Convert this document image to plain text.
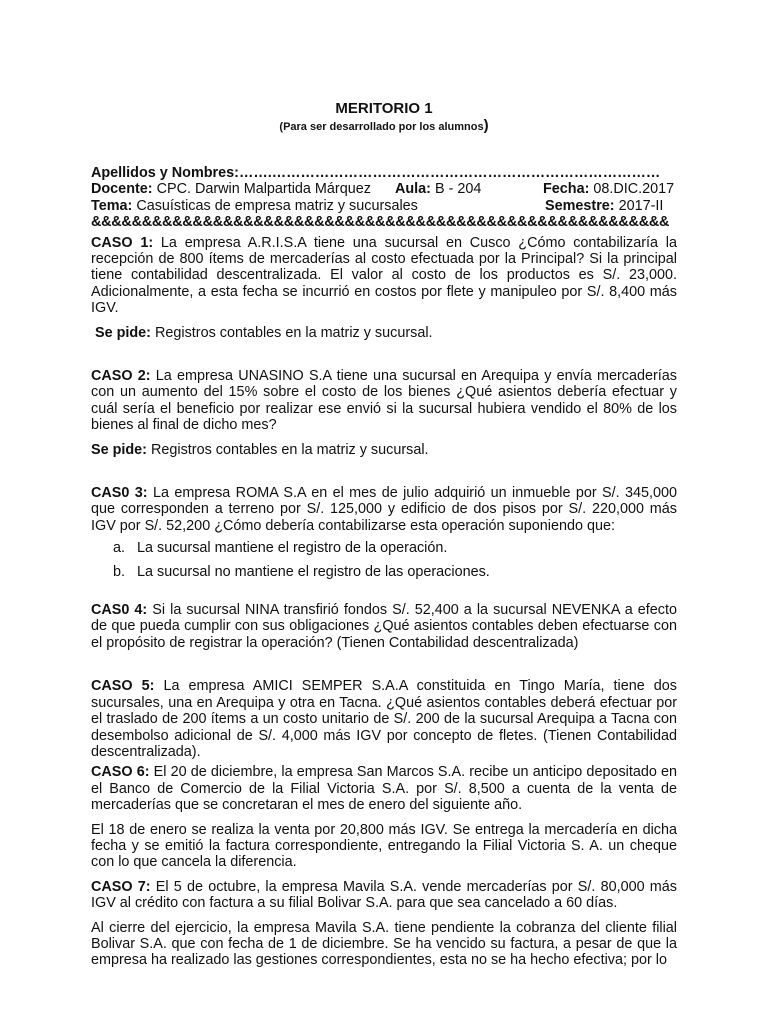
MERITORIO 1

(Para ser desarrollado por los alumnos)

Apellidos y Nombres:…….………………………………………………………………………
Docente: CPC. Darwin Malpartida Márquez Aula: B - 204	Fecha: 08.DIC.2017
Tema: Casuísticas de empresa matriz y sucursales	Semestre: 2017-II
&&&&&&&&&&&&&&&&&&&&&&&&&&&&&&&&&&&&&&&&&&&&&&&&&&&&&&&&&

CASO 1: La empresa A.R.I.S.A tiene una sucursal en Cusco ¿Cómo contabilizaría la recepción de 800 ítems de mercaderías al costo efectuada por la Principal? Si la principal tiene contabilidad descentralizada. El valor al costo de los productos es S/. 23,000. Adicionalmente, a esta fecha se incurrió en costos por flete y manipuleo por S/. 8,400 más IGV.

Se pide: Registros contables en la matriz y sucursal.

CASO 2: La empresa UNASINO S.A tiene una sucursal en Arequipa y envía mercaderías con un aumento del 15% sobre el costo de los bienes ¿Qué asientos debería efectuar y cuál sería el beneficio por realizar ese envió si la sucursal hubiera vendido el 80% de los bienes al final de dicho mes?

Se pide: Registros contables en la matriz y sucursal.

CAS0 3: La empresa ROMA S.A en el mes de julio adquirió un inmueble por S/. 345,000 que corresponden a terreno por S/. 125,000 y edificio de dos pisos por S/. 220,000 más IGV por S/. 52,200 ¿Cómo debería contabilizarse esta operación suponiendo que:

a. La sucursal mantiene el registro de la operación.
b. La sucursal no mantiene el registro de las operaciones.

CAS0 4: Si la sucursal NINA transfirió fondos S/. 52,400 a la sucursal NEVENKA a efecto de que pueda cumplir con sus obligaciones ¿Qué asientos contables deben efectuarse con el propósito de registrar la operación? (Tienen Contabilidad descentralizada)

CASO 5: La empresa AMICI SEMPER S.A.A constituida en Tingo María, tiene dos sucursales, una en Arequipa y otra en Tacna. ¿Qué asientos contables deberá efectuar por el traslado de 200 ítems a un costo unitario de S/. 200 de la sucursal Arequipa a Tacna con desembolso adicional de S/. 4,000 más IGV por concepto de fletes. (Tienen Contabilidad descentralizada).

CASO 6: El 20 de diciembre, la empresa San Marcos S.A. recibe un anticipo depositado en el Banco de Comercio de la Filial Victoria S.A. por S/. 8,500 a cuenta de la venta de mercaderías que se concretaran el mes de enero del siguiente año.

El 18 de enero se realiza la venta por 20,800 más IGV. Se entrega la mercadería en dicha fecha y se emitió la factura correspondiente, entregando la Filial Victoria S. A. un cheque con lo que cancela la diferencia.

CASO 7: El 5 de octubre, la empresa Mavila S.A. vende mercaderías por S/. 80,000 más IGV al crédito con factura a su filial Bolivar S.A. para que sea cancelado a 60 días.

Al cierre del ejercicio, la empresa Mavila S.A. tiene pendiente la cobranza del cliente filial Bolivar S.A. que con fecha de 1 de diciembre. Se ha vencido su factura, a pesar de que la empresa ha realizado las gestiones correspondientes, esta no se ha hecho efectiva; por lo
